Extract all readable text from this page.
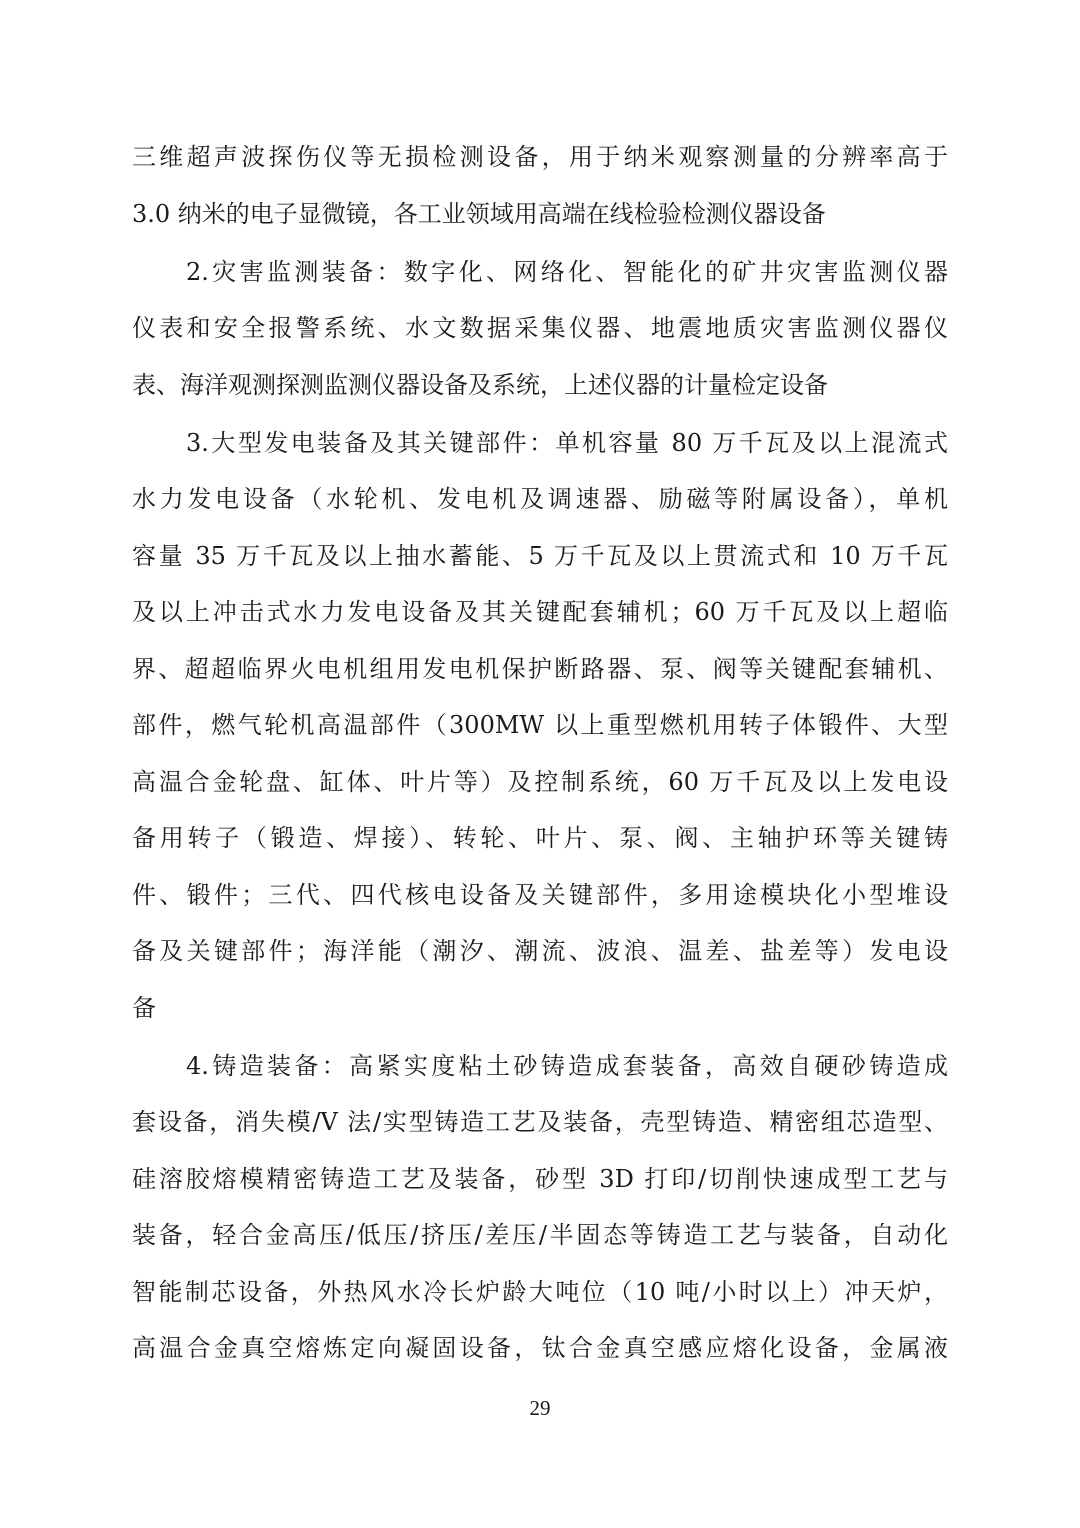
三维超声波探伤仪等无损检测设备，用于纳米观察测量的分辨率高于
3.0 纳米的电子显微镜，各工业领域用高端在线检验检测仪器设备
2.灾害监测装备：数字化、网络化、智能化的矿井灾害监测仪器
仪表和安全报警系统、水文数据采集仪器、地震地质灾害监测仪器仪
表、海洋观测探测监测仪器设备及系统，上述仪器的计量检定设备
3.大型发电装备及其关键部件：单机容量 80 万千瓦及以上混流式
水力发电设备（水轮机、发电机及调速器、励磁等附属设备），单机
容量 35 万千瓦及以上抽水蓄能、5 万千瓦及以上贯流式和 10 万千瓦
及以上冲击式水力发电设备及其关键配套辅机；60 万千瓦及以上超临
界、超超临界火电机组用发电机保护断路器、泵、阀等关键配套辅机、
部件，燃气轮机高温部件（300MW 以上重型燃机用转子体锻件、大型
高温合金轮盘、缸体、叶片等）及控制系统，60 万千瓦及以上发电设
备用转子（锻造、焊接）、转轮、叶片、泵、阀、主轴护环等关键铸
件、锻件；三代、四代核电设备及关键部件，多用途模块化小型堆设
备及关键部件；海洋能（潮汐、潮流、波浪、温差、盐差等）发电设
备
4.铸造装备：高紧实度粘土砂铸造成套装备，高效自硬砂铸造成
套设备，消失模/V 法/实型铸造工艺及装备，壳型铸造、精密组芯造型、
硅溶胶熔模精密铸造工艺及装备，砂型 3D 打印/切削快速成型工艺与
装备，轻合金高压/低压/挤压/差压/半固态等铸造工艺与装备，自动化
智能制芯设备，外热风水冷长炉龄大吨位（10 吨/小时以上）冲天炉，
高温合金真空熔炼定向凝固设备，钛合金真空感应熔化设备，金属液
29
